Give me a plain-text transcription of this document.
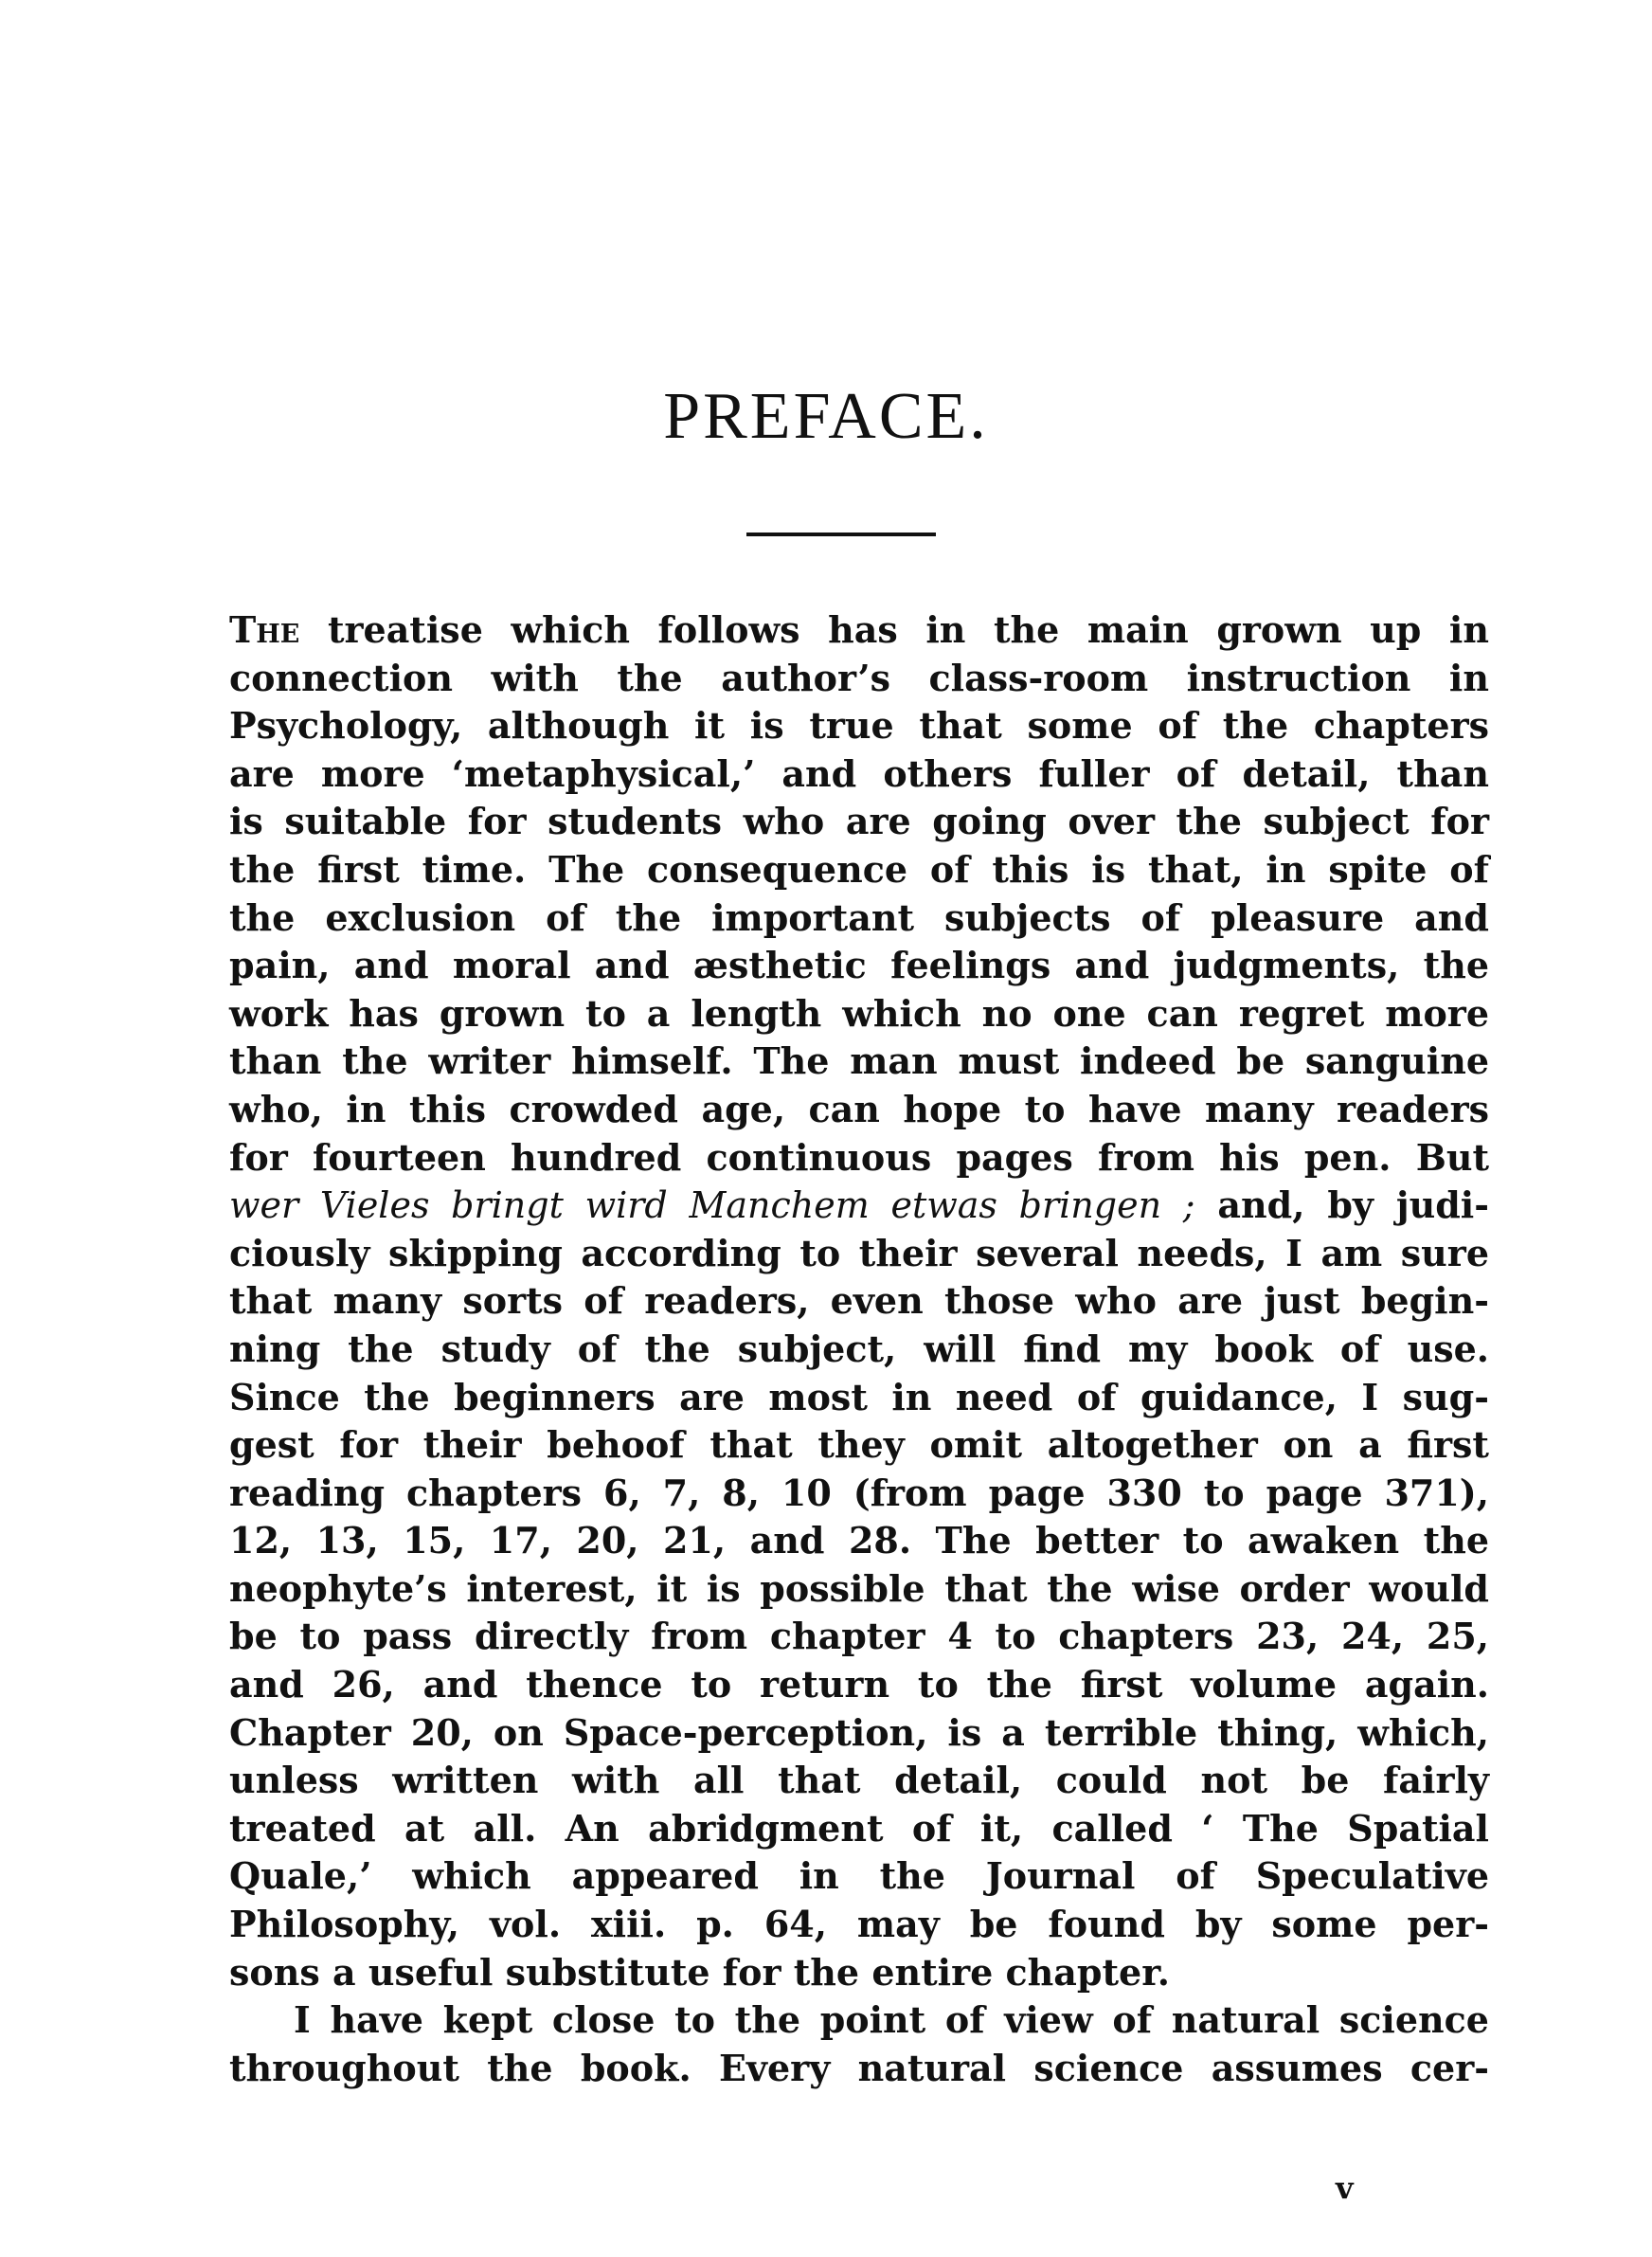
PREFACE.
The treatise which follows has in the main grown up in
connection with the author’s class-room instruction in
Psychology, although it is true that some of the chapters
are more ‘metaphysical,’ and others fuller of detail, than
is suitable for students who are going over the subject for
the first time. The consequence of this is that, in spite of
the exclusion of the important subjects of pleasure and
pain, and moral and æsthetic feelings and judgments, the
work has grown to a length which no one can regret more
than the writer himself. The man must indeed be sanguine
who, in this crowded age, can hope to have many readers
for fourteen hundred continuous pages from his pen. But
wer Vieles bringt wird Manchem etwas bringen ; and, by judi-
ciously skipping according to their several needs, I am sure
that many sorts of readers, even those who are just begin-
ning the study of the subject, will find my book of use.
Since the beginners are most in need of guidance, I sug-
gest for their behoof that they omit altogether on a first
reading chapters 6, 7, 8, 10 (from page 330 to page 371),
12, 13, 15, 17, 20, 21, and 28. The better to awaken the
neophyte’s interest, it is possible that the wise order would
be to pass directly from chapter 4 to chapters 23, 24, 25,
and 26, and thence to return to the first volume again.
Chapter 20, on Space-perception, is a terrible thing, which,
unless written with all that detail, could not be fairly
treated at all. An abridgment of it, called ‘ The Spatial
Quale,’ which appeared in the Journal of Speculative
Philosophy, vol. xiii. p. 64, may be found by some per-
sons a useful substitute for the entire chapter.
I have kept close to the point of view of natural science
throughout the book. Every natural science assumes cer-
v
